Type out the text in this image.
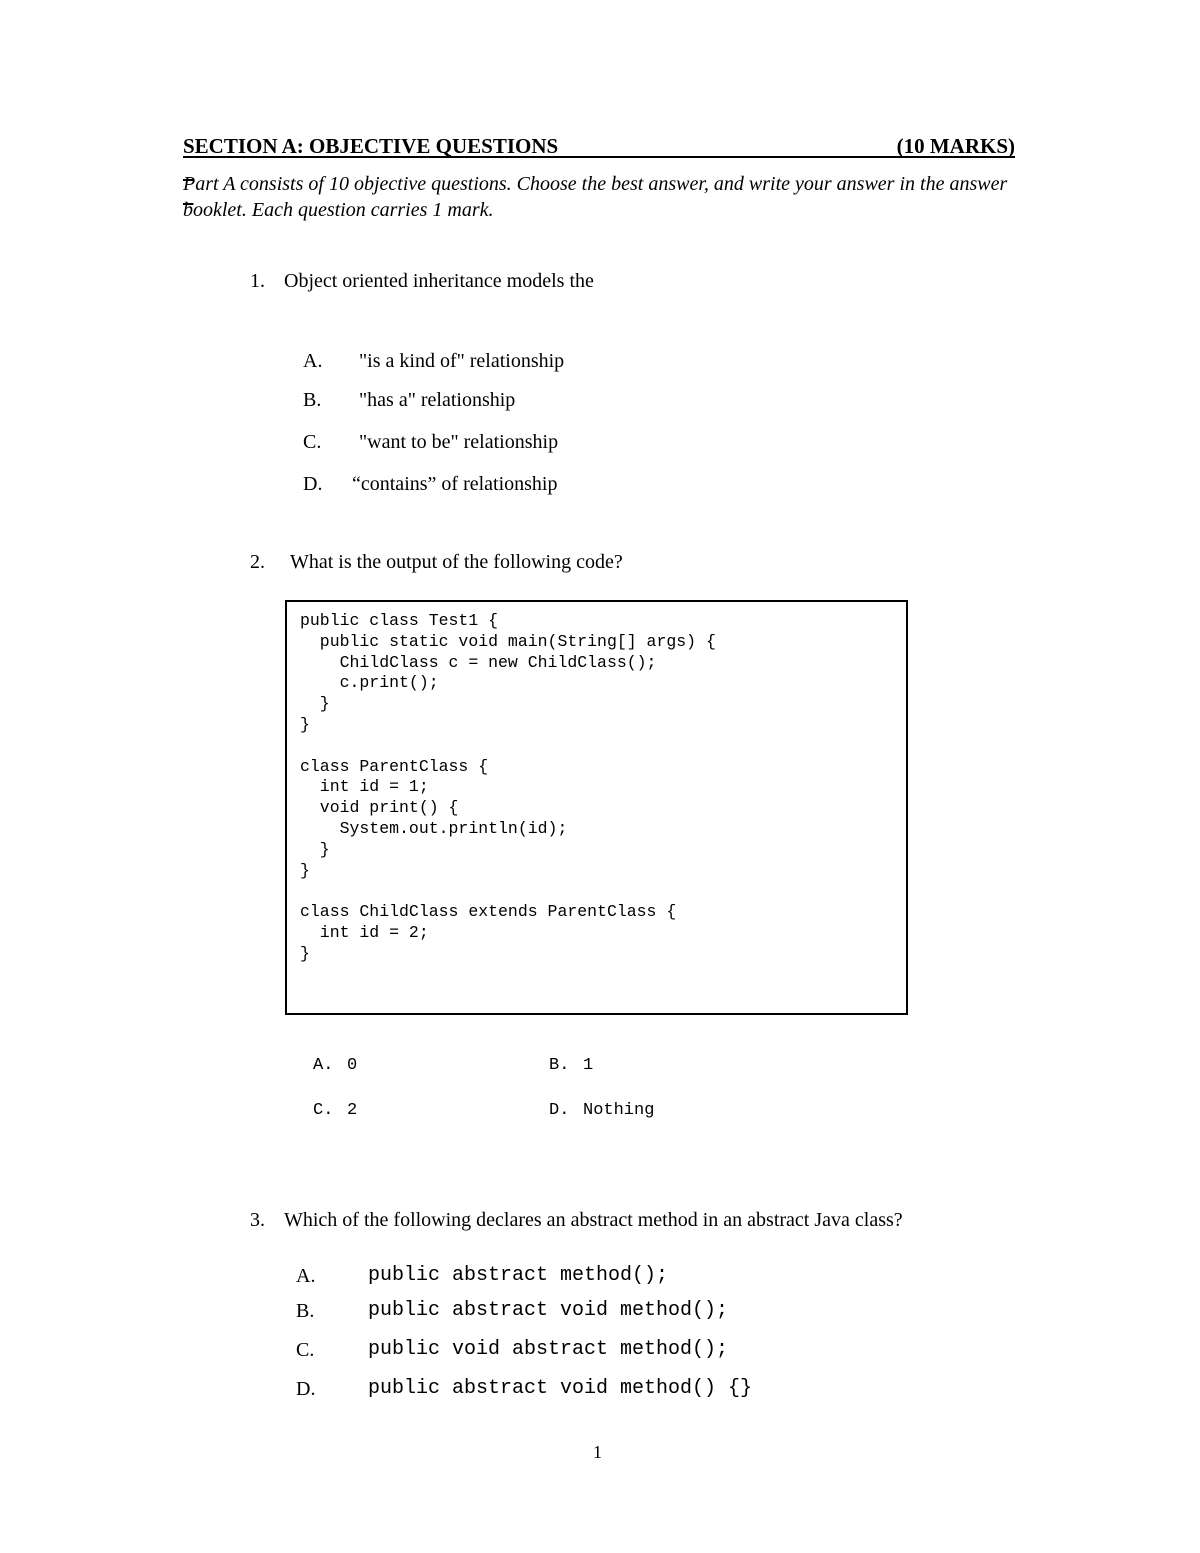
SECTION A: OBJECTIVE QUESTIONS

	(10 MARKS)

Part A consists of 10 objective questions. Choose the best answer, and write your answer in the answer booklet. Each question carries 1 mark.
1. Object oriented inheritance models the
A. "is a kind of" relationship
B. "has a" relationship
C. "want to be" relationship
D. “contains” of relationship
2. What is the output of the following code?
public class Test1 {
public static void main(String[] args) {
ChildClass c = new ChildClass();
c.print();
}
}

class ParentClass {
int id = 1;
void print() {
System.out.println(id);
}
}

class ChildClass extends ParentClass {
int id = 2;
}
A. 0	B. 1
C. 2	D. Nothing
3. Which of the following declares an abstract method in an abstract Java class?
A.	public abstract method();
B.	public abstract void method();
C.	public void abstract method();
D.	public abstract void method() {}
1
